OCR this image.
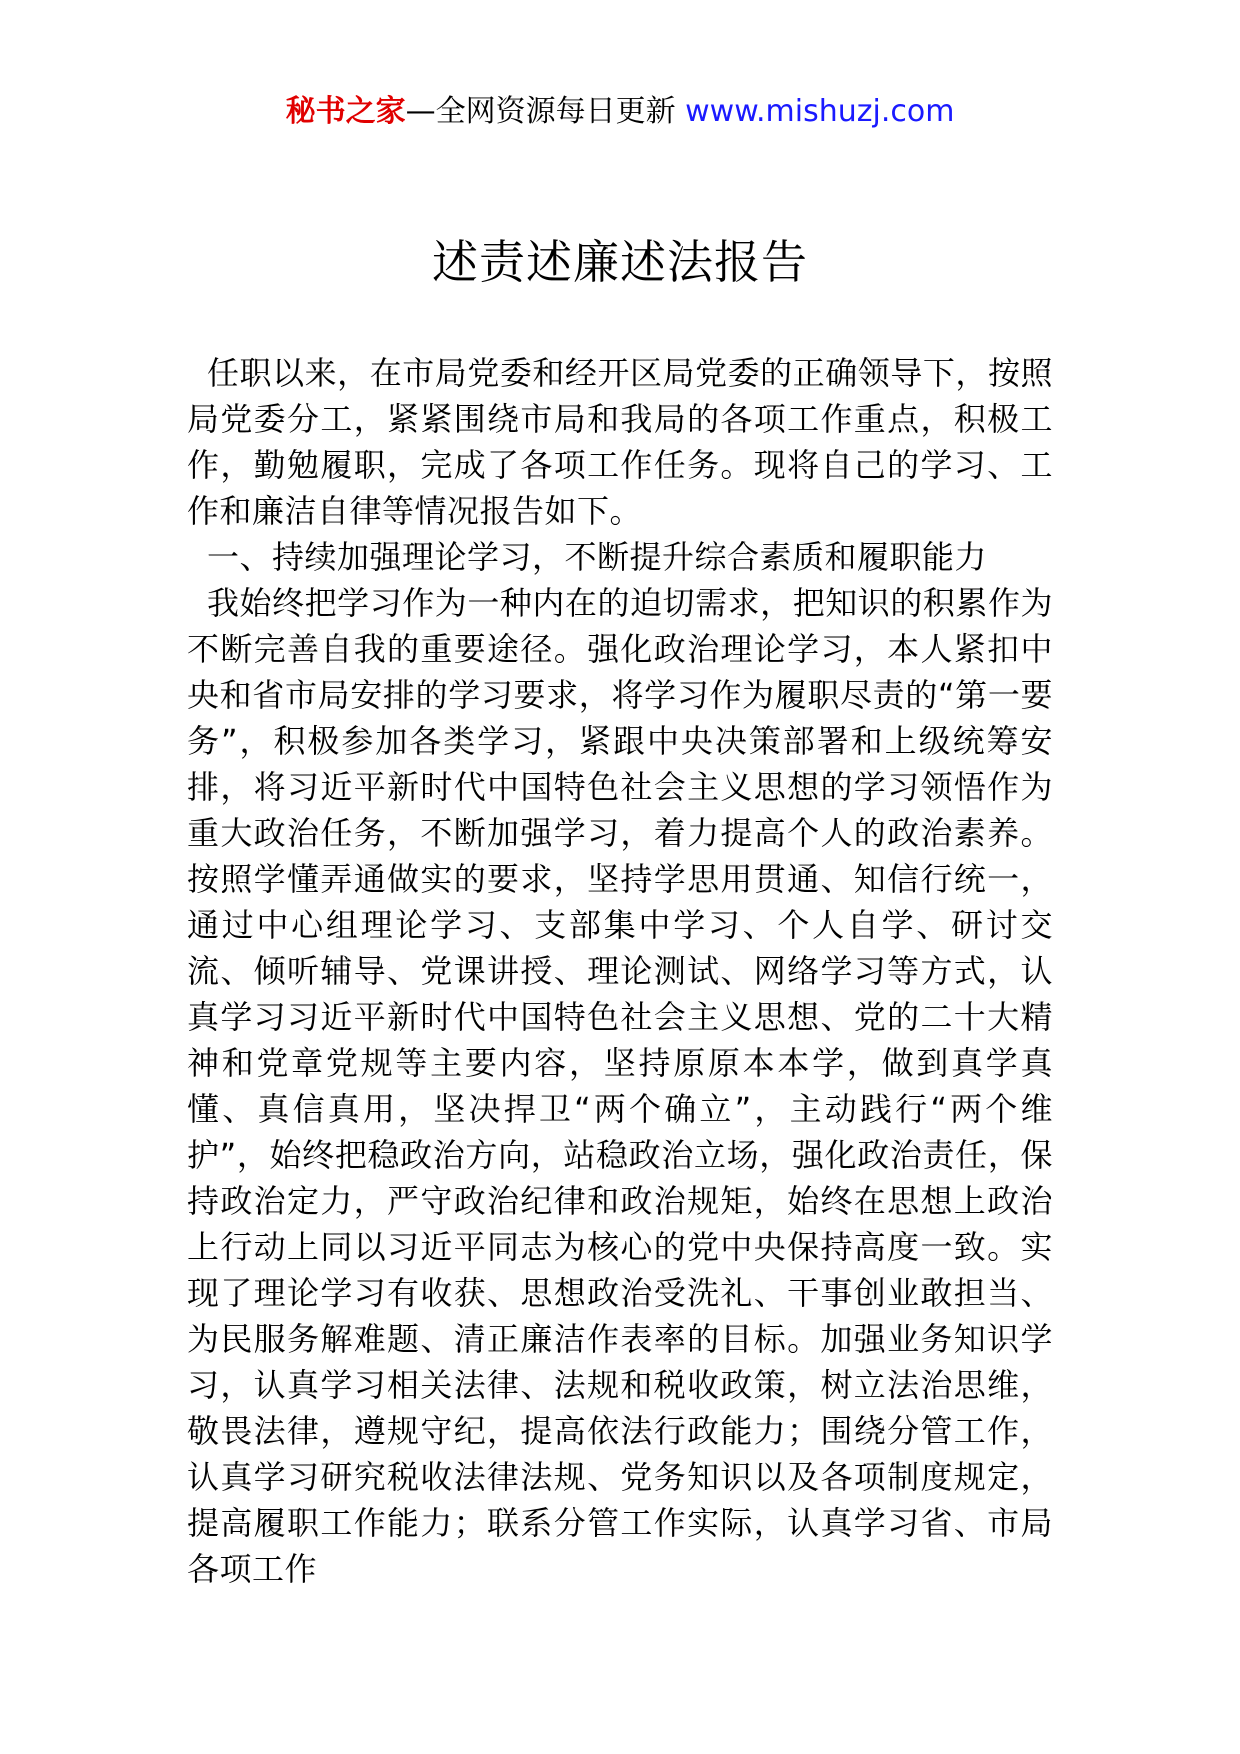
秘书之家—全网资源每日更新 www.mishuzj.com
述责述廉述法报告

任职以来，在市局党委和经开区局党委的正确领导下，按照局党委分工，紧紧围绕市局和我局的各项工作重点，积极工作，勤勉履职，完成了各项工作任务。现将自己的学习、工作和廉洁自律等情况报告如下。

一、持续加强理论学习，不断提升综合素质和履职能力

我始终把学习作为一种内在的迫切需求，把知识的积累作为不断完善自我的重要途径。强化政治理论学习，本人紧扣中央和省市局安排的学习要求，将学习作为履职尽责的“第一要务”，积极参加各类学习，紧跟中央决策部署和上级统筹安排，将习近平新时代中国特色社会主义思想的学习领悟作为重大政治任务，不断加强学习，着力提高个人的政治素养。按照学懂弄通做实的要求，坚持学思用贯通、知信行统一，通过中心组理论学习、支部集中学习、个人自学、研讨交流、倾听辅导、党课讲授、理论测试、网络学习等方式，认真学习习近平新时代中国特色社会主义思想、党的二十大精神和党章党规等主要内容，坚持原原本本学，做到真学真懂、真信真用，坚决捍卫“两个确立”，主动践行“两个维护”，始终把稳政治方向，站稳政治立场，强化政治责任，保持政治定力，严守政治纪律和政治规矩，始终在思想上政治上行动上同以习近平同志为核心的党中央保持高度一致。实现了理论学习有收获、思想政治受洗礼、干事创业敢担当、为民服务解难题、清正廉洁作表率的目标。加强业务知识学习，认真学习相关法律、法规和税收政策，树立法治思维，敬畏法律，遵规守纪，提高依法行政能力；围绕分管工作，认真学习研究税收法律法规、党务知识以及各项制度规定，提高履职工作能力；联系分管工作实际，认真学习省、市局各项工作
